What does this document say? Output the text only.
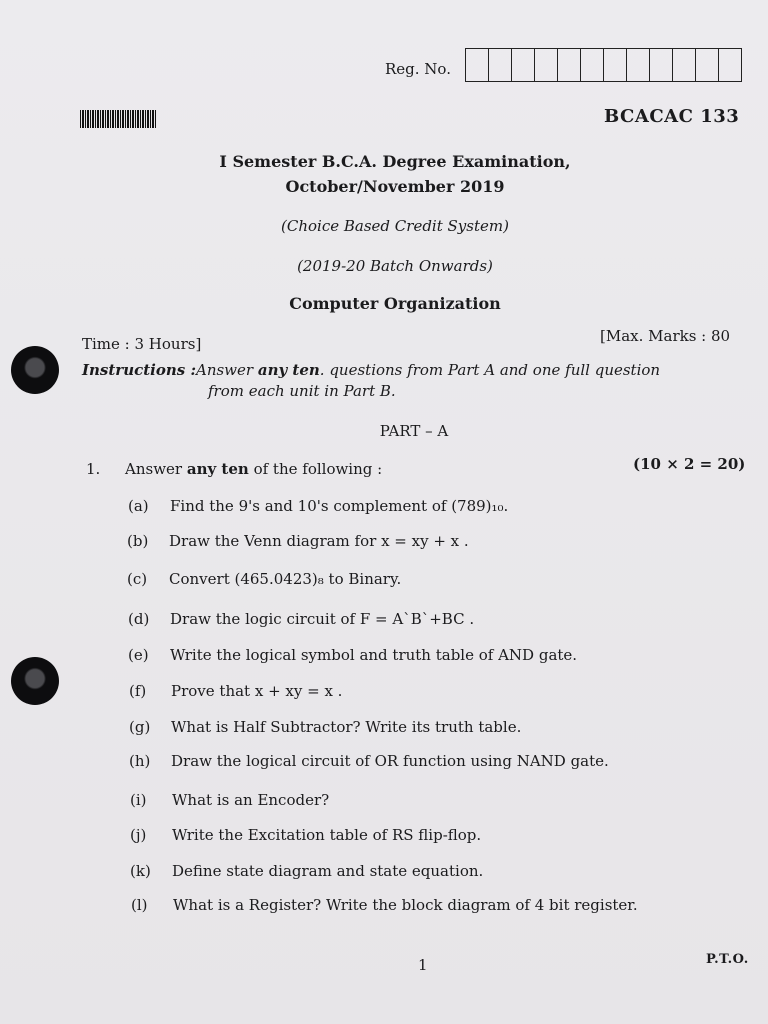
Reg. No.
BCACAC 133
I Semester B.C.A. Degree Examination,
October/November 2019
(Choice Based Credit System)
(2019-20 Batch Onwards)
Computer Organization
Time : 3 Hours]	[Max. Marks : 80
Instructions :Answer any ten. questions from Part A and one full question
from each unit in Part B.
PART – A
1. Answer any ten of the following :	(10 × 2 = 20)
(a)	Find the 9's and 10's complement of (789)₁₀.
(b)	Draw the Venn diagram for x = xy + x .
(c)	Convert (465.0423)₈ to Binary.
(d)	Draw the logic circuit of F = A`B`+BC .
(e)	Write the logical symbol and truth table of AND gate.
(f)	Prove that x + xy = x .
(g)	What is Half Subtractor? Write its truth table.
(h)	Draw the logical circuit of OR function using NAND gate.
(i)	What is an Encoder?
(j)	Write the Excitation table of RS flip-flop.
(k)	Define state diagram and state equation.
(l)	What is a Register? Write the block diagram of 4 bit register.
1	P.T.O.
